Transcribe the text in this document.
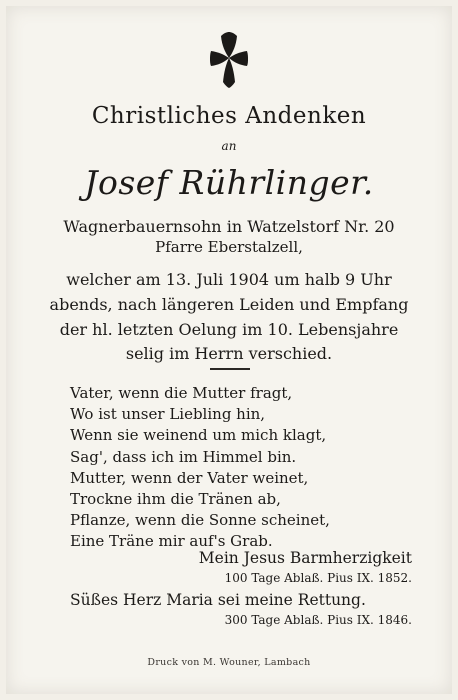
Christliches Andenken
an
Josef Rührlinger.
Wagnerbauernsohn in Watzelstorf Nr. 20
Pfarre Eberstalzell,
welcher am 13. Juli 1904 um halb 9 Uhr
abends, nach längeren Leiden und Empfang
der hl. letzten Oelung im 10. Lebensjahre
selig im Herrn verschied.
Vater, wenn die Mutter fragt,
Wo ist unser Liebling hin,
Wenn sie weinend um mich klagt,
Sag', dass ich im Himmel bin.
Mutter, wenn der Vater weinet,
Trockne ihm die Tränen ab,
Pflanze, wenn die Sonne scheinet,
Eine Träne mir auf's Grab.
Mein Jesus Barmherzigkeit
100 Tage Ablaß. Pius IX. 1852.
Süßes Herz Maria sei meine Rettung.
300 Tage Ablaß. Pius IX. 1846.
Druck von M. Wouner, Lambach
